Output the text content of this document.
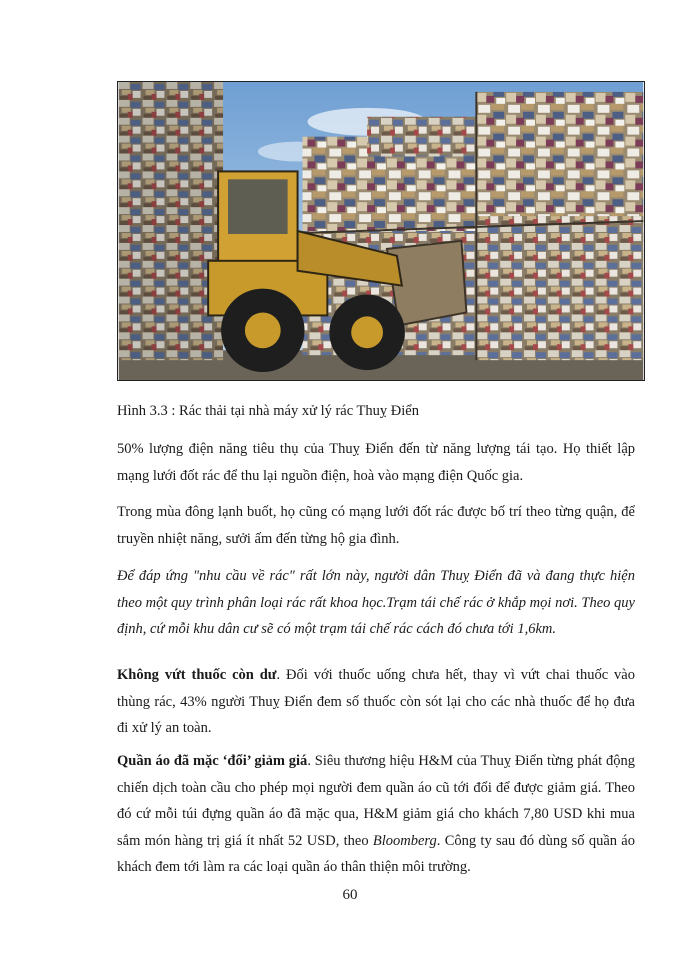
Hình 3.3 : Rác thải tại nhà máy xử lý rác Thuỵ Điển

50% lượng điện năng tiêu thụ của Thuỵ Điển đến từ năng lượng tái tạo. Họ thiết lập mạng lưới đốt rác để thu lại nguồn điện, hoà vào mạng điện Quốc gia.

Trong mùa đông lạnh buốt, họ cũng có mạng lưới đốt rác được bố trí theo từng quận, để truyền nhiệt năng, sưởi ấm đến từng hộ gia đình.

Để đáp ứng "nhu cầu về rác" rất lớn này, người dân Thuỵ Điển đã và đang thực hiện theo một quy trình phân loại rác rất khoa học.Trạm tái chế rác ở khắp mọi nơi. Theo quy định, cứ mỗi khu dân cư sẽ có một trạm tái chế rác cách đó chưa tới 1,6km.

Không vứt thuốc còn dư. Đối với thuốc uống chưa hết, thay vì vứt chai thuốc vào thùng rác, 43% người Thuỵ Điển đem số thuốc còn sót lại cho các nhà thuốc để họ đưa đi xử lý an toàn.

Quần áo đã mặc ‘đổi’ giảm giá. Siêu thương hiệu H&M của Thuỵ Điển từng phát động chiến dịch toàn cầu cho phép mọi người đem quần áo cũ tới đổi để được giảm giá. Theo đó cứ mỗi túi đựng quần áo đã mặc qua, H&M giảm giá cho khách 7,80 USD khi mua sắm món hàng trị giá ít nhất 52 USD, theo Bloomberg. Công ty sau đó dùng số quần áo khách đem tới làm ra các loại quần áo thân thiện môi trường.

60
